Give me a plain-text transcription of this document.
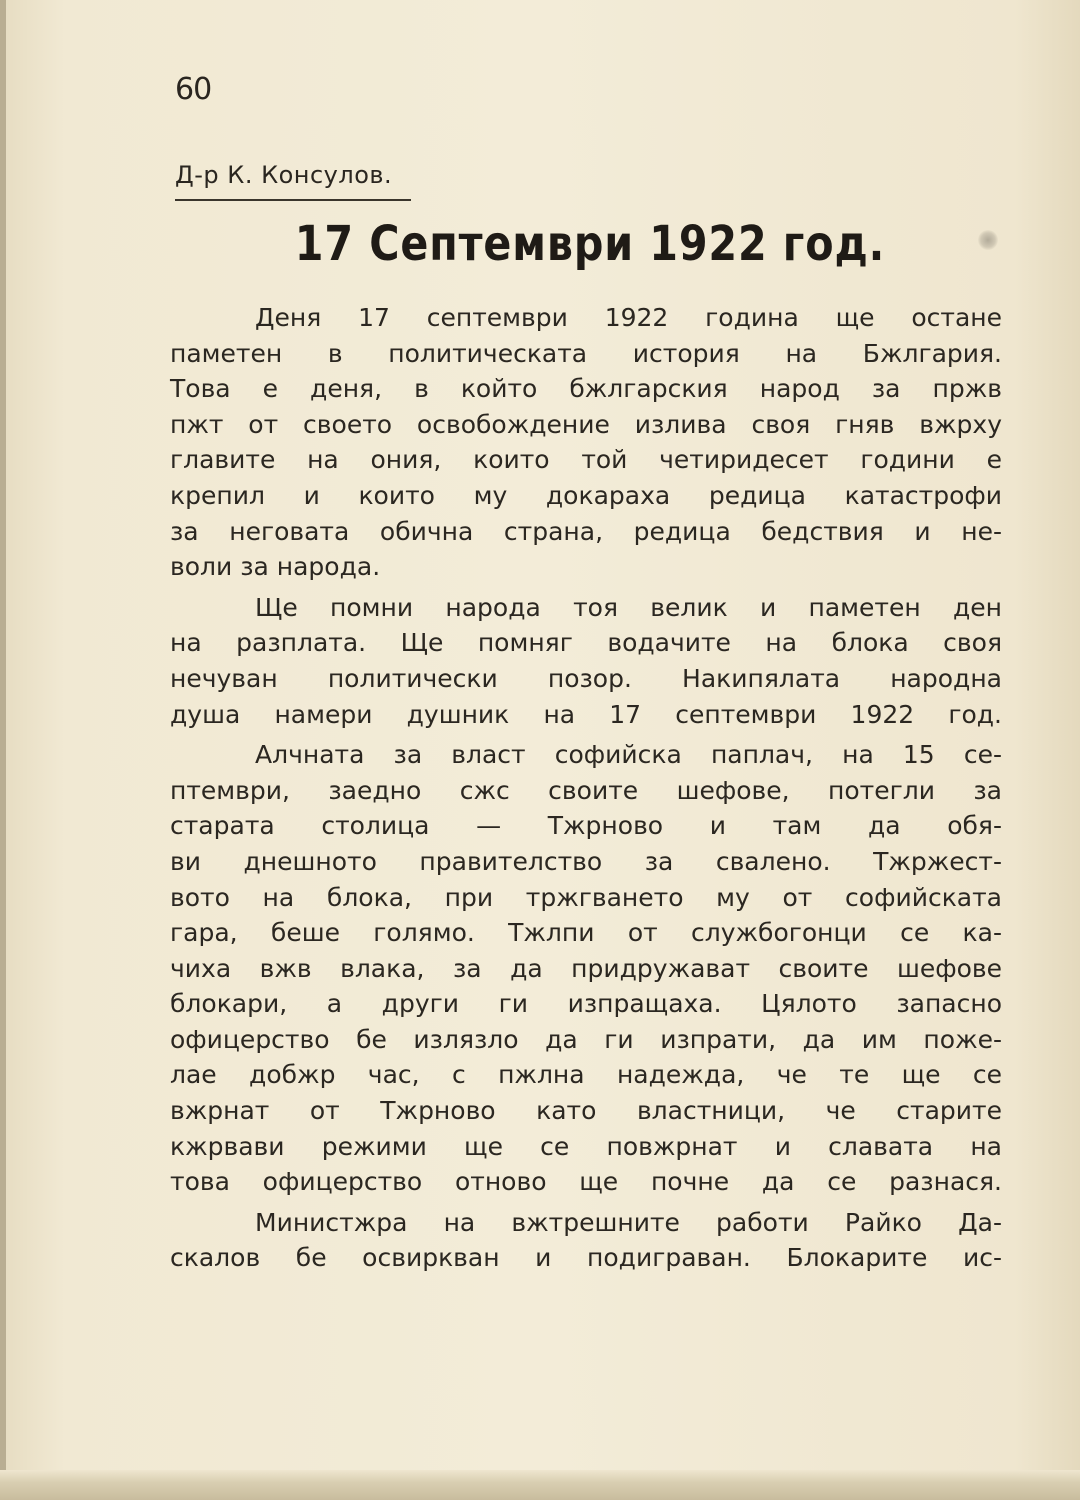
60
Д-р К. Консулов.
17 Септември 1922 год.
Деня 17 септември 1922 година ще остане
паметен в политическата история на Бжлгария.
Това е деня, в който бжлгарския народ за пржв
пжт от своето освобождение излива своя гняв вжрху
главите на ония, които той четиридесет години е
крепил и които му докараха редица катастрофи
за неговата обична страна, редица бедствия и не-
воли за народа.
Ще помни народа тоя велик и паметен ден
на разплата. Ще помняг водачите на блока своя
нечуван политически позор. Накипялата народна
душа намери душник на 17 септември 1922 год.
Алчната за власт софийска паплач, на 15 се-
птември, заедно сжс своите шефове, потегли за
старата столица — Тжрново и там да обя-
ви днешното правителство за свалено. Тжржест-
вото на блока, при тржгването му от софийската
гара, беше голямо. Тжлпи от службогонци се ка-
чиха вжв влака, за да придружават своите шефове
блокари, а други ги изпращаха. Цялото запасно
офицерство бе излязло да ги изпрати, да им поже-
лае добжр час, с пжлна надежда, че те ще се
вжрнат от Тжрново като властници, че старите
кжрвави режими ще се повжрнат и славата на
това офицерство отново ще почне да се разнася.
Министжра на вжтрешните работи Райко Да-
скалов бе освиркван и подигравaн. Блокарите ис-
